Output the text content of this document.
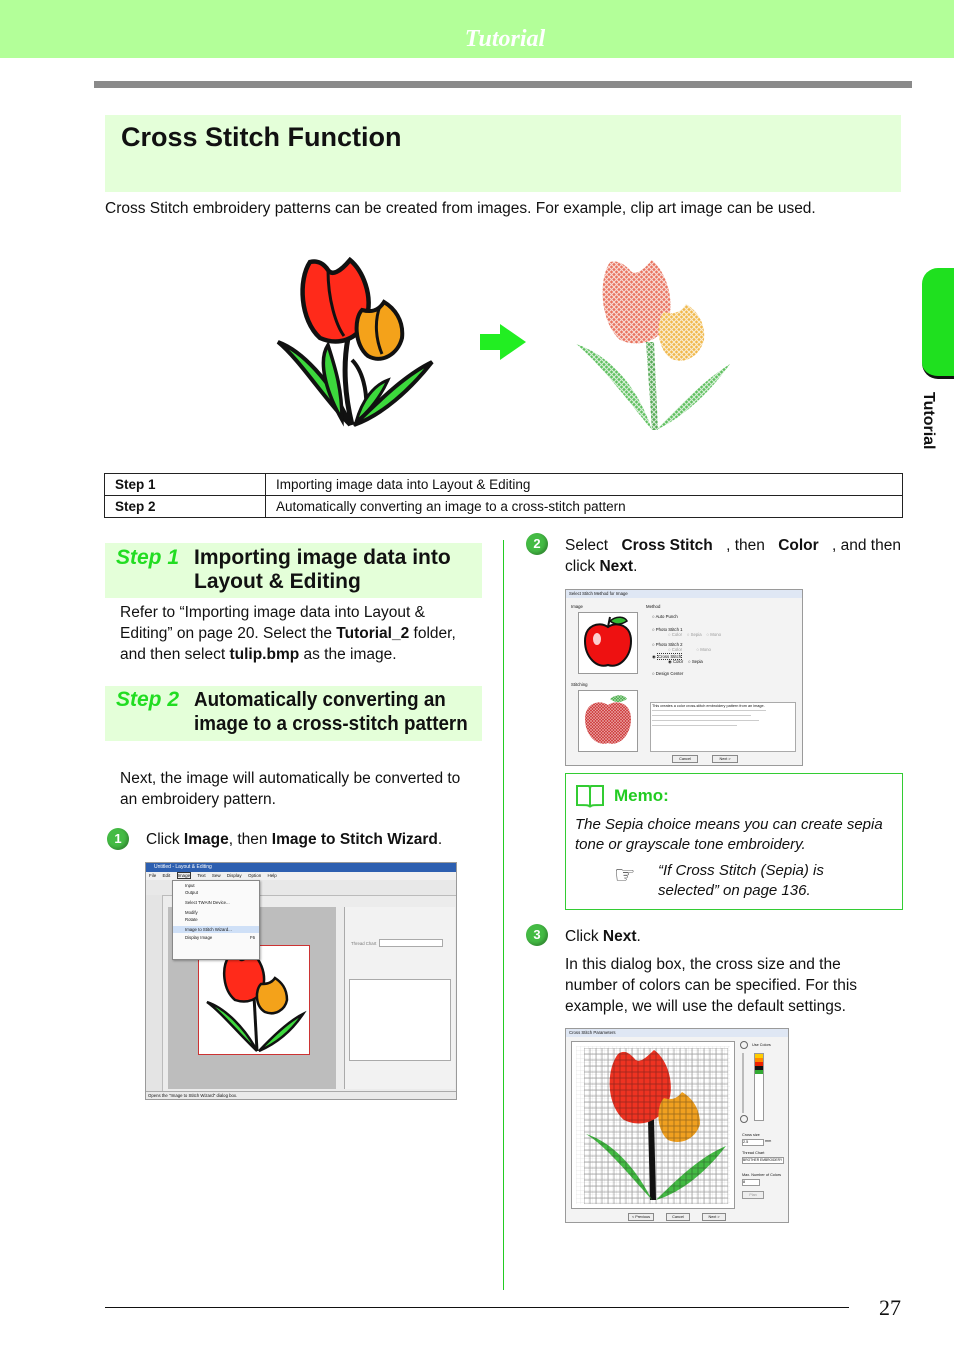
Tutorial
Tutorial
Cross Stitch Function
Cross Stitch embroidery patterns can be created from images. For example, clip art image can be used.
Step 1	Importing image data into Layout & Editing
Step 2	Automatically converting an image to a cross-stitch pattern
Step 1 Importing image data into
Layout & Editing
Refer to “Importing image data into Layout &
Editing” on page 20. Select the Tutorial_2 folder,
and then select tulip.bmp as the image.
Step 2 Automatically converting an
image to a cross-stitch pattern
Next, the image will automatically be converted to
an embroidery pattern.
1	Click Image, then Image to Stitch Wizard.
Untitled - Layout & Editing
File Edit Image Text Sew Display Option Help
Input
Output
Select TWAIN Device...
Modify
Rotate
Image to Stitch Wizard...
Display Image	F6
Thread Chart
Opens the "Image to Stitch Wizard" dialog box.
2	Select Cross Stitch , then Color , and then
click Next.
Select Stitch Method for Image
Image
Stitching
Method
○ Auto Punch
○ Photo Stitch 1
○ Color    ○ Sepia    ○ Mono
○ Photo Stitch 2
○ Color            ○ Mono
◉ Cross Stitch
◉ Color    ○ Sepia
○ Design Center
This creates a color cross-stitch embroidery pattern from an image.
Cancel	Next >
Memo:
The Sepia choice means you can create sepia tone or grayscale tone embroidery.
☞ “If Cross Stitch (Sepia) is
selected” on page 136.
3	Click Next.
In this dialog box, the cross size and the
number of colors can be specified. For this
example, we will use the default settings.
Cross Stitch Parameters
Use Colors
Cross size
2.5	mm
Thread Chart
BROTHER EMBROIDERY
Max. Number of Colors
8
Plan
< Previous	Cancel	Next >
27
